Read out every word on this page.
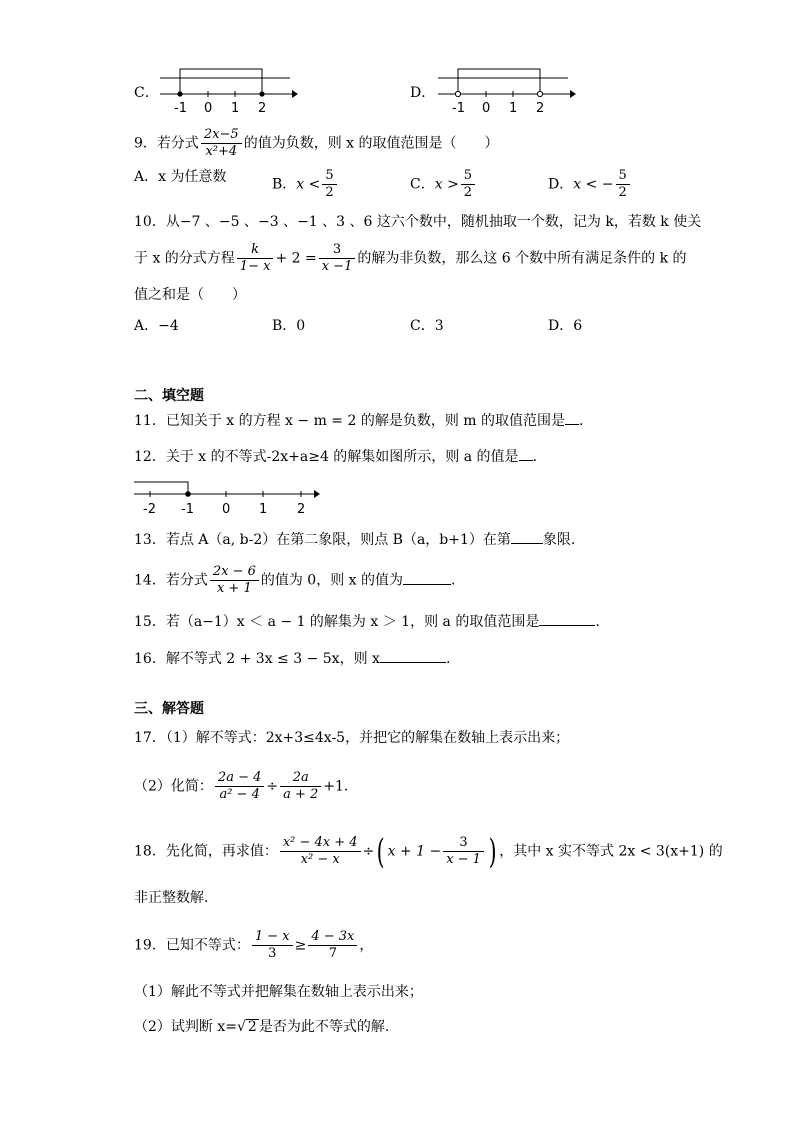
C．
-1 0 1 2
D．
-1 0 1 2
9．若分式 $\frac{2x-5}{\text{x²+4}}$ 的值为负数，则 x 的取值范围是（　　）
A．x 为任意数	B．$x < \frac{5}{2}$	C．$x > \frac{5}{2}$	D．x < − $\frac{5}{2}$
10．从−7 、−5 、−3 、−1 、3 、6 这六个数中，随机抽取一个数，记为 k，若数 k 使关
于 x 的分式方程 $\frac{k}{1- x} + 2 = \frac{3}{x -1}$ 的解为非负数，那么这 6 个数中所有满足条件的 k 的
值之和是（　　）
A．−4	B．0	C．3	D．6
二、填空题
11．已知关于 x 的方程 x − m = 2 的解是负数，则 m 的取值范围是 .
12．关于 x 的不等式-2x+a≥4 的解集如图所示，则 a 的值是 .
-2 -1 0 1 2
13．若点 A（a, b-2）在第二象限，则点 B（a，b+1）在第 象限.
14．若分式 $\frac{2x - 6}{x + 1}$ 的值为 0，则 x 的值为	.
15．若（a−1）x ＜ a − 1 的解集为 x ＞ 1，则 a 的取值范围是	.
16．解不等式 2 + 3x ≤ 3 − 5x，则 x	.
三、解答题
17．（1）解不等式：2x+3≤4x-5，并把它的解集在数轴上表示出来；
（2）化简： $\frac{2a - 4}{\text{a² − 4}} \div \frac{2a}{a + 2} +1$.
18．先化简，再求值： $\frac{\text{x² − 4x + 4}}{\text{x² − x}}$ ÷( $x + 1 - \frac{3}{x - 1}$ ) ，其中 x 实不等式 2x < 3(x+1) 的
非正整数解.
19．已知不等式： $\frac{1 - x}{3} \ge \frac{4 - 3x}{7}$ ，
（1）解此不等式并把解集在数轴上表示出来；
（2）试判断 x=√ 2 是否为此不等式的解.
